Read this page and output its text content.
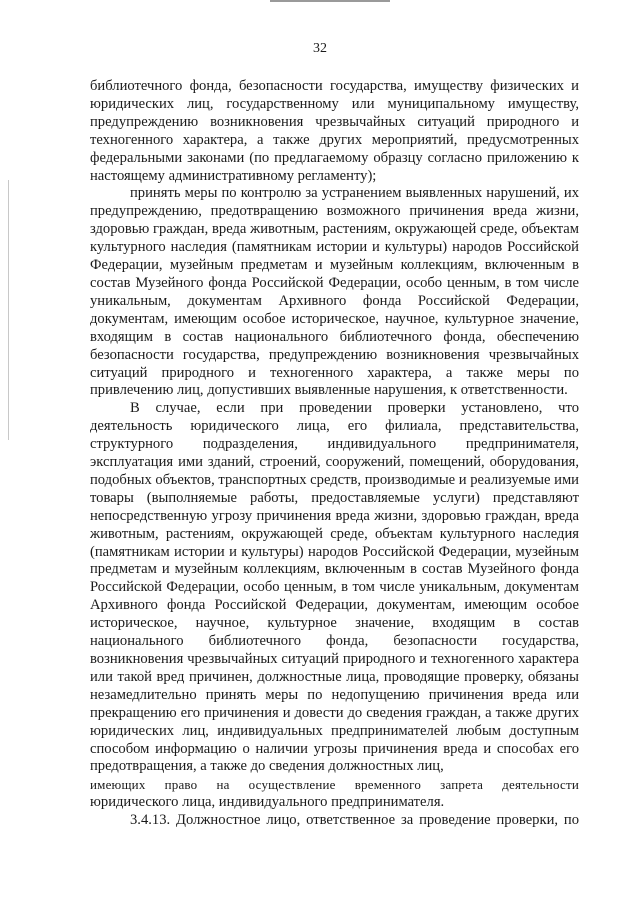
32

библиотечного фонда, безопасности государства, имуществу физических и юридических лиц, государственному или муниципальному имуществу, предупреждению возникновения чрезвычайных ситуаций природного и техногенного характера, а также других мероприятий, предусмотренных федеральными законами (по предлагаемому образцу согласно приложению к настоящему административному регламенту);

принять меры по контролю за устранением выявленных нарушений, их предупреждению, предотвращению возможного причинения вреда жизни, здоровью граждан, вреда животным, растениям, окружающей среде, объектам культурного наследия (памятникам истории и культуры) народов Российской Федерации, музейным предметам и музейным коллекциям, включенным в состав Музейного фонда Российской Федерации, особо ценным, в том числе уникальным, документам Архивного фонда Российской Федерации, документам, имеющим особое историческое, научное, культурное значение, входящим в состав национального библиотечного фонда, обеспечению безопасности государства, предупреждению возникновения чрезвычайных ситуаций природного и техногенного характера, а также меры по привлечению лиц, допустивших выявленные нарушения, к ответственности.

В случае, если при проведении проверки установлено, что деятельность юридического лица, его филиала, представительства, структурного подразделения, индивидуального предпринимателя, эксплуатация ими зданий, строений, сооружений, помещений, оборудования, подобных объектов, транспортных средств, производимые и реализуемые ими товары (выполняемые работы, предоставляемые услуги) представляют непосредственную угрозу причинения вреда жизни, здоровью граждан, вреда животным, растениям, окружающей среде, объектам культурного наследия (памятникам истории и культуры) народов Российской Федерации, музейным предметам и музейным коллекциям, включенным в состав Музейного фонда Российской Федерации, особо ценным, в том числе уникальным, документам Архивного фонда Российской Федерации, документам, имеющим особое историческое, научное, культурное значение, входящим в состав национального библиотечного фонда, безопасности государства, возникновения чрезвычайных ситуаций природного и техногенного характера или такой вред причинен, должностные лица, проводящие проверку, обязаны незамедлительно принять меры по недопущению причинения вреда или прекращению его причинения и довести до сведения граждан, а также других юридических лиц, индивидуальных предпринимателей любым доступным способом информацию о наличии угрозы причинения вреда и способах его предотвращения, а также до сведения должностных лиц,

имеющих право на осуществление временного запрета деятельности

юридического лица, индивидуального предпринимателя.

3.4.13. Должностное лицо, ответственное за проведение проверки, по
